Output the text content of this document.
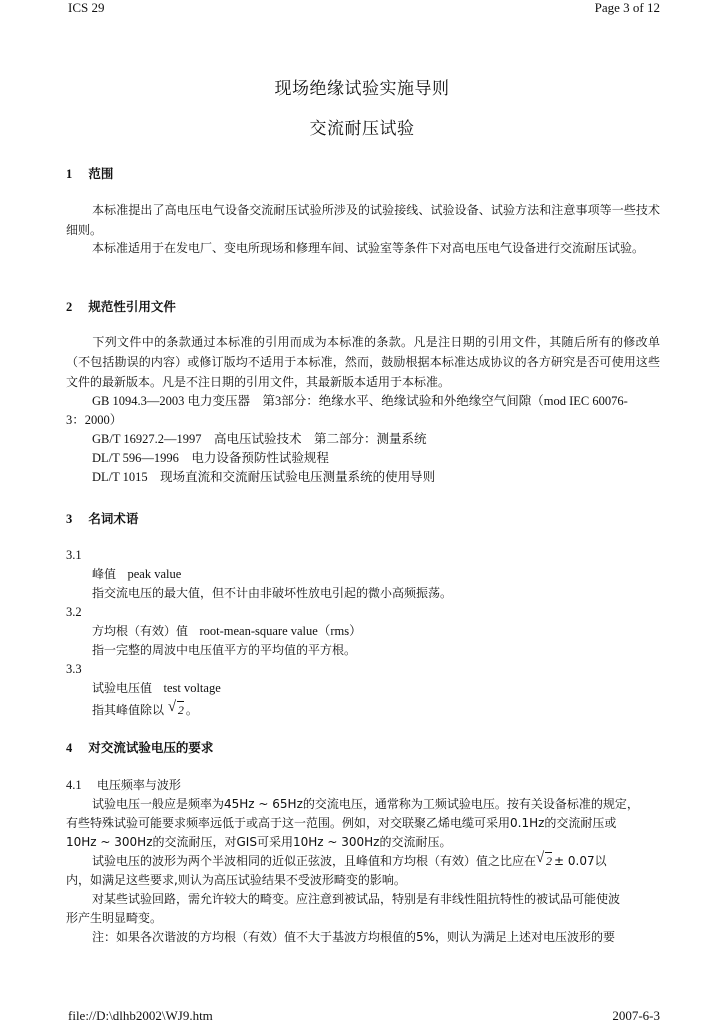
ICS 29	Page 3 of 12
现场绝缘试验实施导则
交流耐压试验
1 范围
本标准提出了高电压电气设备交流耐压试验所涉及的试验接线、试验设备、试验方法和注意事项等一些技术细则。
本标准适用于在发电厂、变电所现场和修理车间、试验室等条件下对高电压电气设备进行交流耐压试验。
2 规范性引用文件
下列文件中的条款通过本标准的引用而成为本标准的条款。凡是注日期的引用文件，其随后所有的修改单（不包括勘误的内容）或修订版均不适用于本标准，然而，鼓励根据本标准达成协议的各方研究是否可使用这些文件的最新版本。凡是不注日期的引用文件，其最新版本适用于本标准。
GB 1094.3—2003 电力变压器　第3部分：绝缘水平、绝缘试验和外绝缘空气间隙（mod IEC 60076-
3：2000）
GB/T 16927.2—1997　高电压试验技术　第二部分：测量系统
DL/T 596—1996　电力设备预防性试验规程
DL/T 1015　现场直流和交流耐压试验电压测量系统的使用导则
3 名词术语
3.1
峰值 peak value
指交流电压的最大值，但不计由非破坏性放电引起的微小高频振荡。
3.2
方均根（有效）值 root-mean-square value（rms）
指一完整的周波中电压值平方的平均值的平方根。
3.3
试验电压值 test voltage
指其峰值除以 √ 2 。
4 对交流试验电压的要求
4.1 电压频率与波形
试验电压一般应是频率为45Hz ~ 65Hz的交流电压，通常称为工频试验电压。按有关设备标准的规定，
有些特殊试验可能要求频率远低于或高于这一范围。例如，对交联聚乙烯电缆可采用0.1Hz的交流耐压或
10Hz ~ 300Hz的交流耐压，对GIS可采用10Hz ~ 300Hz的交流耐压。
试验电压的波形为两个半波相同的近似正弦波，且峰值和方均根（有效）值之比应在 √ 2 ± 0.07以
内，如满足这些要求,则认为高压试验结果不受波形畸变的影响。
对某些试验回路，需允许较大的畸变。应注意到被试品，特别是有非线性阻抗特性的被试品可能使波
形产生明显畸变。
注：如果各次谐波的方均根（有效）值不大于基波方均根值的5%，则认为满足上述对电压波形的要
file://D:\dlhb2002\WJ9.htm	2007-6-3
